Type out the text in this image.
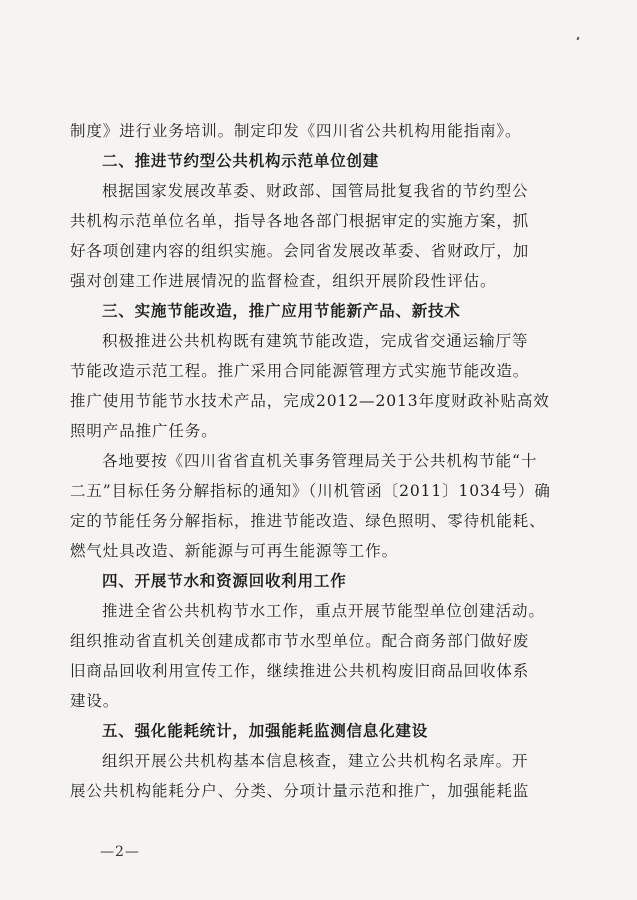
制度》进行业务培训。制定印发《四川省公共机构用能指南》。
二、推进节约型公共机构示范单位创建
根据国家发展改革委、财政部、国管局批复我省的节约型公
共机构示范单位名单，指导各地各部门根据审定的实施方案，抓
好各项创建内容的组织实施。会同省发展改革委、省财政厅，加
强对创建工作进展情况的监督检查，组织开展阶段性评估。
三、实施节能改造，推广应用节能新产品、新技术
积极推进公共机构既有建筑节能改造，完成省交通运输厅等
节能改造示范工程。推广采用合同能源管理方式实施节能改造。
推广使用节能节水技术产品，完成2012—2013年度财政补贴高效
照明产品推广任务。
各地要按《四川省省直机关事务管理局关于公共机构节能“十
二五”目标任务分解指标的通知》（川机管函〔2011〕1034号）确
定的节能任务分解指标，推进节能改造、绿色照明、零待机能耗、
燃气灶具改造、新能源与可再生能源等工作。
四、开展节水和资源回收利用工作
推进全省公共机构节水工作，重点开展节能型单位创建活动。
组织推动省直机关创建成都市节水型单位。配合商务部门做好废
旧商品回收利用宣传工作，继续推进公共机构废旧商品回收体系
建设。
五、强化能耗统计，加强能耗监测信息化建设
组织开展公共机构基本信息核查，建立公共机构名录库。开
展公共机构能耗分户、分类、分项计量示范和推广，加强能耗监
—2—
